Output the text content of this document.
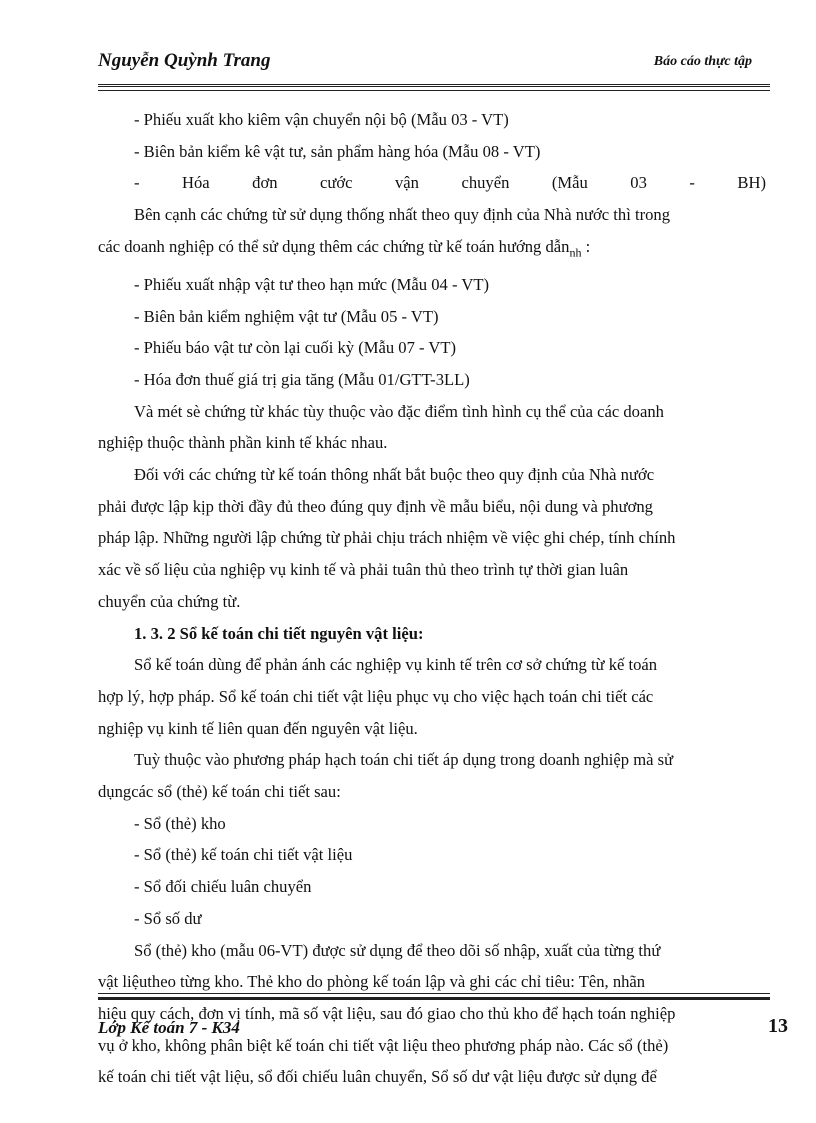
Nguyễn Quỳnh Trang	Báo cáo thực tập

- Phiếu xuất kho kiêm vận chuyển nội bộ (Mẫu 03 - VT)

- Biên bản kiểm kê vật tư, sản phẩm hàng hóa (Mẫu 08 - VT)

-	Hóa	đơn	cước	vận	chuyển	(Mẫu	03	-	BH)

Bên cạnh các chứng từ sử dụng thống nhất theo quy định của Nhà nước thì trong

các doanh nghiệp có thể sử dụng thêm các chứng từ kế toán hướng dẫn$_{nh}$ :

- Phiếu xuất nhập vật tư theo hạn mức (Mẫu 04 - VT)

- Biên bản kiểm nghiệm vật tư (Mẫu 05 - VT)

- Phiếu báo vật tư còn lại cuối kỳ (Mẫu 07 - VT)

- Hóa đơn thuế giá trị gia tăng (Mẫu 01/GTT-3LL)

Và mét sè chứng từ khác tùy thuộc vào đặc điểm tình hình cụ thể của các doanh

nghiệp thuộc thành phần kinh tế khác nhau.

Đối với các chứng từ kế toán thông nhất bắt buộc theo quy định của Nhà nước

phải được lập kịp thời đầy đủ theo đúng quy định về mẫu biểu, nội dung và phương

pháp lập. Những người lập chứng từ phải chịu trách nhiệm về việc ghi chép, tính chính

xác về số liệu của nghiệp vụ kinh tế và phải tuân thủ theo trình tự thời gian luân

chuyển của chứng từ.

1. 3. 2 Sổ kế toán chi tiết nguyên vật liệu:

Sổ kế toán dùng để phản ánh các nghiệp vụ kinh tế trên cơ sở chứng từ kế toán

hợp lý, hợp pháp. Sổ kế toán chi tiết vật liệu phục vụ cho việc hạch toán chi tiết các

nghiệp vụ kinh tế liên quan đến nguyên vật liệu.

Tuỳ thuộc vào phương pháp hạch toán chi tiết áp dụng trong doanh nghiệp mà sử

dụngcác sổ (thẻ) kế toán chi tiết sau:

- Sổ (thẻ) kho

- Sổ (thẻ) kế toán chi tiết vật liệu

- Sổ đối chiếu luân chuyển

- Sổ số dư

Sổ (thẻ) kho (mẫu 06-VT) được sử dụng để theo dõi số nhập, xuất của từng thứ

vật liệutheo từng kho. Thẻ kho do phòng kế toán lập và ghi các chỉ tiêu: Tên, nhãn

hiệu quy cách, đơn vị tính, mã số vật liệu, sau đó giao cho thủ kho để hạch toán nghiệp

vụ ở kho, không phân biệt kế toán chi tiết vật liệu theo phương pháp nào. Các sổ (thẻ)

kế toán chi tiết vật liệu, sổ đối chiếu luân chuyển, Sổ số dư vật liệu được sử dụng để

Lớp Kế toán 7 - K34	13
